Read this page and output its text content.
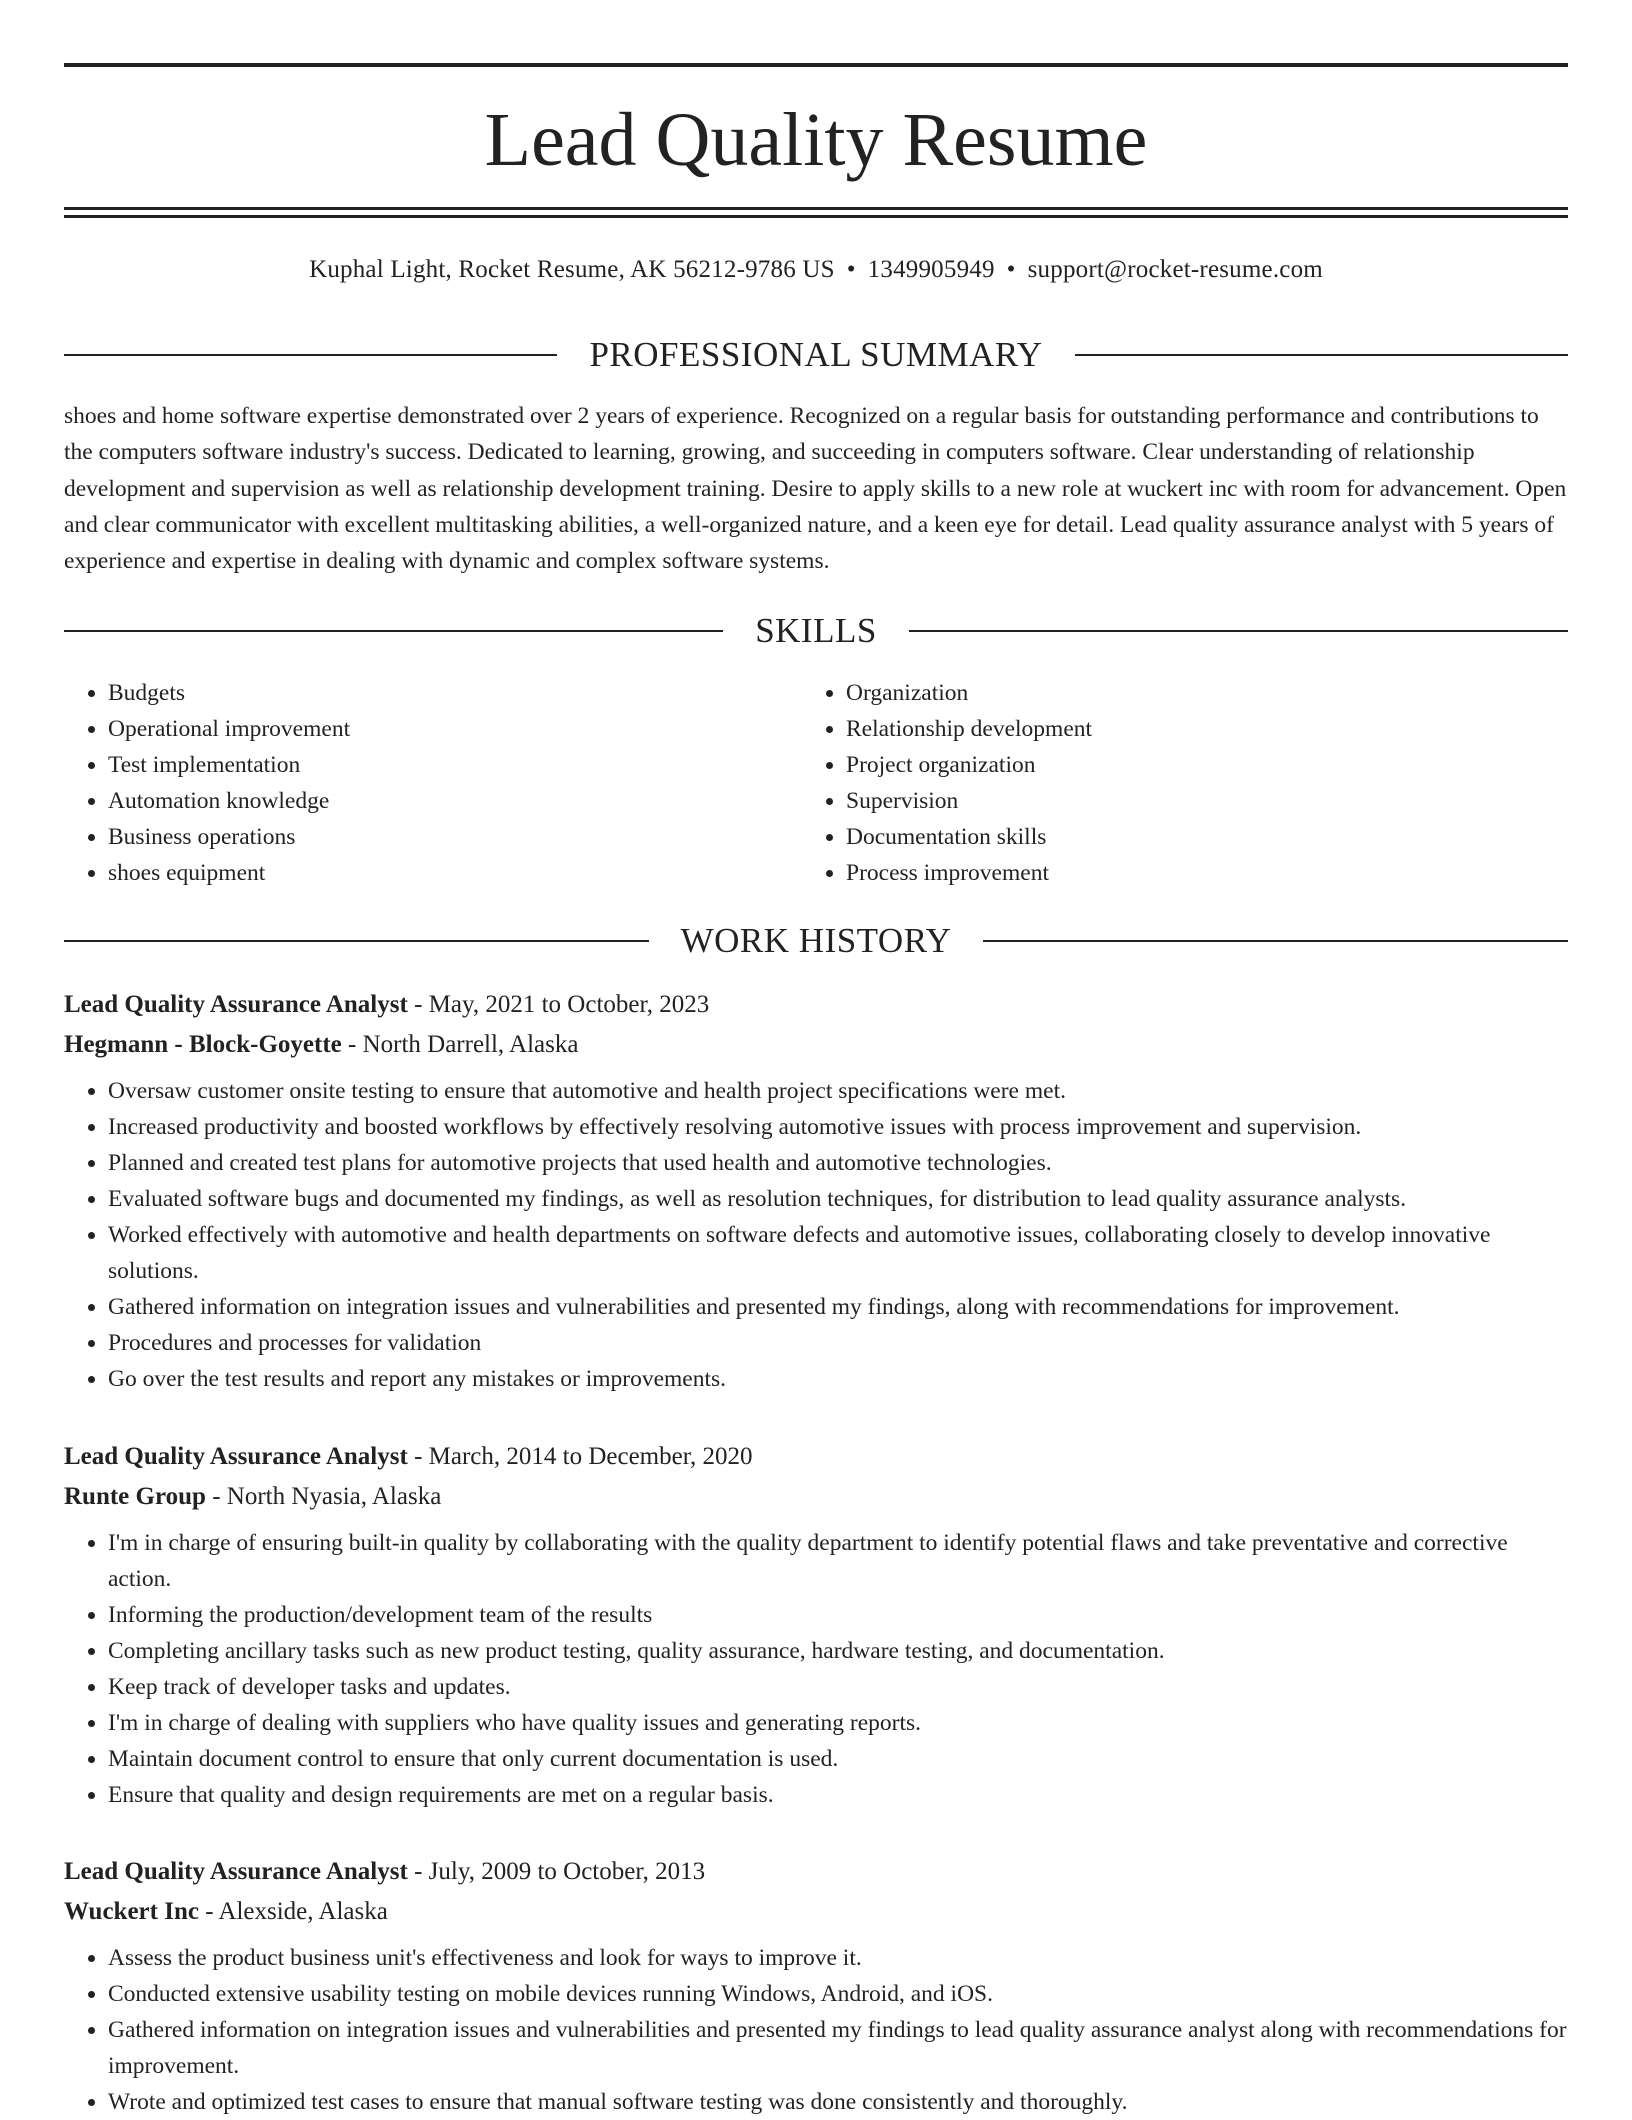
Lead Quality Resume
Kuphal Light, Rocket Resume, AK 56212-9786 US • 1349905949 • support@rocket-resume.com
PROFESSIONAL SUMMARY

shoes and home software expertise demonstrated over 2 years of experience. Recognized on a regular basis for outstanding performance and contributions to the computers software industry's success. Dedicated to learning, growing, and succeeding in computers software. Clear understanding of relationship development and supervision as well as relationship development training. Desire to apply skills to a new role at wuckert inc with room for advancement. Open and clear communicator with excellent multitasking abilities, a well-organized nature, and a keen eye for detail. Lead quality assurance analyst with 5 years of experience and expertise in dealing with dynamic and complex software systems.

SKILLS
• Budgets
• Operational improvement
• Test implementation
• Automation knowledge
• Business operations
• shoes equipment
• Organization
• Relationship development
• Project organization
• Supervision
• Documentation skills
• Process improvement
WORK HISTORY
Lead Quality Assurance Analyst - May, 2021 to October, 2023
Hegmann - Block-Goyette - North Darrell, Alaska
• Oversaw customer onsite testing to ensure that automotive and health project specifications were met.
• Increased productivity and boosted workflows by effectively resolving automotive issues with process improvement and supervision.
• Planned and created test plans for automotive projects that used health and automotive technologies.
• Evaluated software bugs and documented my findings, as well as resolution techniques, for distribution to lead quality assurance analysts.
• Worked effectively with automotive and health departments on software defects and automotive issues, collaborating closely to develop innovative solutions.
• Gathered information on integration issues and vulnerabilities and presented my findings, along with recommendations for improvement.
• Procedures and processes for validation
• Go over the test results and report any mistakes or improvements.
Lead Quality Assurance Analyst - March, 2014 to December, 2020
Runte Group - North Nyasia, Alaska
• I'm in charge of ensuring built-in quality by collaborating with the quality department to identify potential flaws and take preventative and corrective action.
• Informing the production/development team of the results
• Completing ancillary tasks such as new product testing, quality assurance, hardware testing, and documentation.
• Keep track of developer tasks and updates.
• I'm in charge of dealing with suppliers who have quality issues and generating reports.
• Maintain document control to ensure that only current documentation is used.
• Ensure that quality and design requirements are met on a regular basis.
Lead Quality Assurance Analyst - July, 2009 to October, 2013
Wuckert Inc - Alexside, Alaska
• Assess the product business unit's effectiveness and look for ways to improve it.
• Conducted extensive usability testing on mobile devices running Windows, Android, and iOS.
• Gathered information on integration issues and vulnerabilities and presented my findings to lead quality assurance analyst along with recommendations for improvement.
• Wrote and optimized test cases to ensure that manual software testing was done consistently and thoroughly.
